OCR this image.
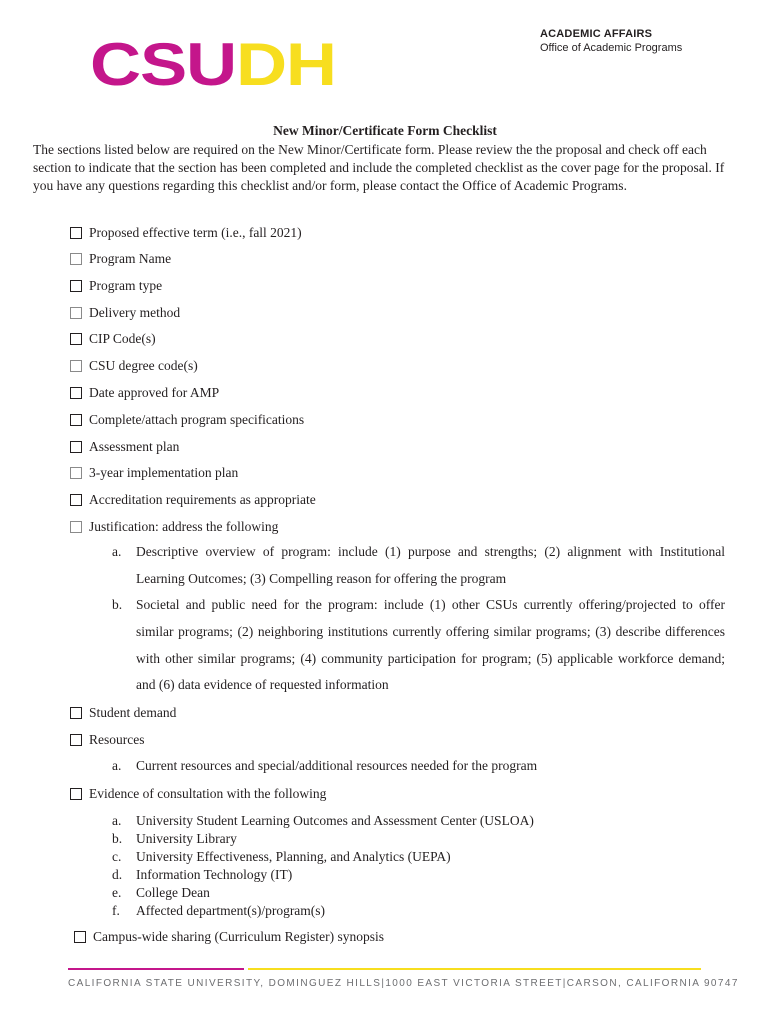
ACADEMIC AFFAIRS
Office of Academic Programs
CSU DH
New Minor/Certificate Form Checklist
The sections listed below are required on the New Minor/Certificate form. Please review the the proposal and check off each section to indicate that the section has been completed and include the completed checklist as the cover page for the proposal. If you have any questions regarding this checklist and/or form, please contact the Office of Academic Programs.
Proposed effective term (i.e., fall 2021)
Program Name
Program type
Delivery method
CIP Code(s)
CSU degree code(s)
Date approved for AMP
Complete/attach program specifications
Assessment plan
3-year implementation plan
Accreditation requirements as appropriate
Justification: address the following
a. Descriptive overview of program: include (1) purpose and strengths; (2) alignment with Institutional Learning Outcomes; (3) Compelling reason for offering the program
b. Societal and public need for the program: include (1) other CSUs currently offering/projected to offer similar programs; (2) neighboring institutions currently offering similar programs; (3) describe differences with other similar programs; (4) community participation for program; (5) applicable workforce demand; and (6) data evidence of requested information
Student demand
Resources
a. Current resources and special/additional resources needed for the program
Evidence of consultation with the following
a. University Student Learning Outcomes and Assessment Center (USLOA)
b. University Library
c. University Effectiveness, Planning, and Analytics (UEPA)
d. Information Technology (IT)
e. College Dean
f. Affected department(s)/program(s)
Campus-wide sharing (Curriculum Register) synopsis
CALIFORNIA STATE UNIVERSITY, DOMINGUEZ HILLS | 1000 EAST VICTORIA STREET | CARSON, CALIFORNIA 90747
